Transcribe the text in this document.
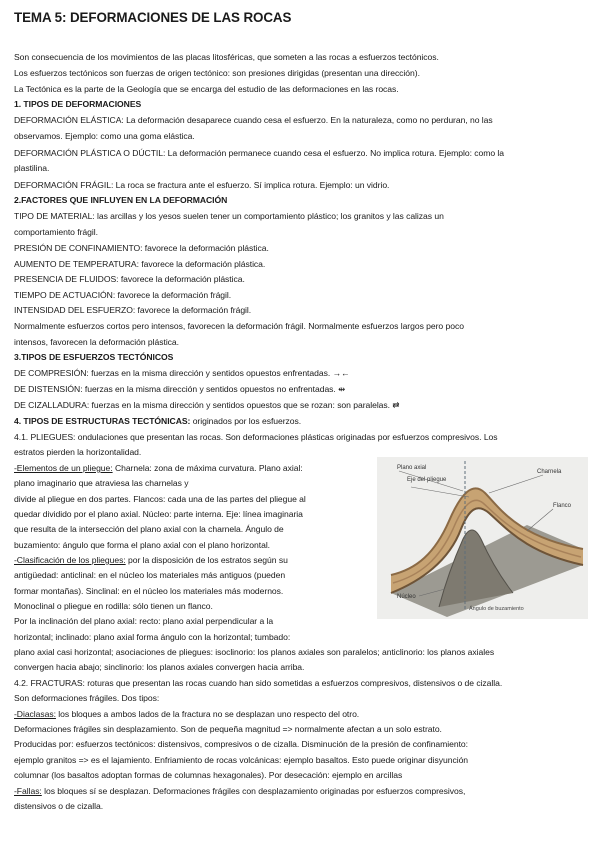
TEMA 5: DEFORMACIONES DE LAS ROCAS

Son consecuencia de los movimientos de las placas litosféricas, que someten a las rocas a esfuerzos tectónicos.

Los esfuerzos tectónicos son fuerzas de origen tectónico: son presiones dirigidas (presentan una dirección).

La Tectónica es la parte de la Geología que se encarga del estudio de las deformaciones en las rocas.

1. TIPOS DE DEFORMACIONES

DEFORMACIÓN ELÁSTICA: La deformación desaparece cuando cesa el esfuerzo. En la naturaleza, como no perduran, no las

observamos. Ejemplo: como una goma elástica.

DEFORMACIÓN PLÁSTICA O DÚCTIL: La deformación permanece cuando cesa el esfuerzo. No implica rotura. Ejemplo: como la

plastilina.

DEFORMACIÓN FRÁGIL: La roca se fractura ante el esfuerzo. Sí implica rotura. Ejemplo: un vidrio.

2.FACTORES QUE INFLUYEN EN LA DEFORMACIÓN

TIPO DE MATERIAL: las arcillas y los yesos suelen tener un comportamiento plástico; los granitos y las calizas un

comportamiento frágil.

PRESIÓN DE CONFINAMIENTO: favorece la deformación plástica.

AUMENTO DE TEMPERATURA: favorece la deformación plástica.

PRESENCIA DE FLUIDOS: favorece la deformación plástica.

TIEMPO DE ACTUACIÓN: favorece la deformación frágil.

INTENSIDAD DEL ESFUERZO: favorece la deformación frágil.

Normalmente esfuerzos cortos pero intensos, favorecen la deformación frágil. Normalmente esfuerzos largos pero poco

intensos, favorecen la deformación plástica.

3.TIPOS DE ESFUERZOS TECTÓNICOS

DE COMPRESIÓN: fuerzas en la misma dirección y sentidos opuestos enfrentadas. →←

DE DISTENSIÓN: fuerzas en la misma dirección y sentidos opuestos no enfrentadas. ⇹

DE CIZALLADURA: fuerzas en la misma dirección y sentidos opuestos que se rozan: son paralelas. ⇄

4. TIPOS DE ESTRUCTURAS TECTÓNICAS: originados por los esfuerzos.

4.1. PLIEGUES: ondulaciones que presentan las rocas. Son deformaciones plásticas originadas por esfuerzos compresivos. Los

estratos pierden la horizontalidad.

-Elementos de un pliegue: Charnela: zona de máxima curvatura. Plano axial:

plano imaginario que atraviesa las charnelas y

divide al pliegue en dos partes. Flancos: cada una de las partes del pliegue al

quedar dividido por el plano axial. Núcleo: parte interna. Eje: línea imaginaria

que resulta de la intersección del plano axial con la charnela. Ángulo de

buzamiento: ángulo que forma el plano axial con el plano horizontal.

-Clasificación de los pliegues: por la disposición de los estratos según su

antigüedad: anticlinal: en el núcleo los materiales más antiguos (pueden

formar montañas). Sinclinal: en el núcleo los materiales más modernos.

Monoclinal o pliegue en rodilla: sólo tienen un flanco.

Por la inclinación del plano axial: recto: plano axial perpendicular a la

horizontal; inclinado: plano axial forma ángulo con la horizontal; tumbado:

plano axial casi horizontal; asociaciones de pliegues: isoclinorio: los planos axiales son paralelos; anticlinorio: los planos axiales

convergen hacia abajo; sinclinorio: los planos axiales convergen hacia arriba.

4.2. FRACTURAS: roturas que presentan las rocas cuando han sido sometidas a esfuerzos compresivos, distensivos o de cizalla.

Son deformaciones frágiles. Dos tipos:

-Diaclasas: los bloques a ambos lados de la fractura no se desplazan uno respecto del otro.

Deformaciones frágiles sin desplazamiento. Son de pequeña magnitud => normalmente afectan a un solo estrato.

Producidas por: esfuerzos tectónicos: distensivos, compresivos o de cizalla. Disminución de la presión de confinamiento:

ejemplo granitos => es el lajamiento. Enfriamiento de rocas volcánicas: ejemplo basaltos. Esto puede originar disyunción

columnar (los basaltos adoptan formas de columnas hexagonales). Por desecación: ejemplo en arcillas

-Fallas: los bloques sí se desplazan. Deformaciones frágiles con desplazamiento originadas por esfuerzos compresivos,

distensivos o de cizalla.

Plano axial
Eje del pliegue
Charnela
Flanco
Núcleo
Ángulo de buzamiento
